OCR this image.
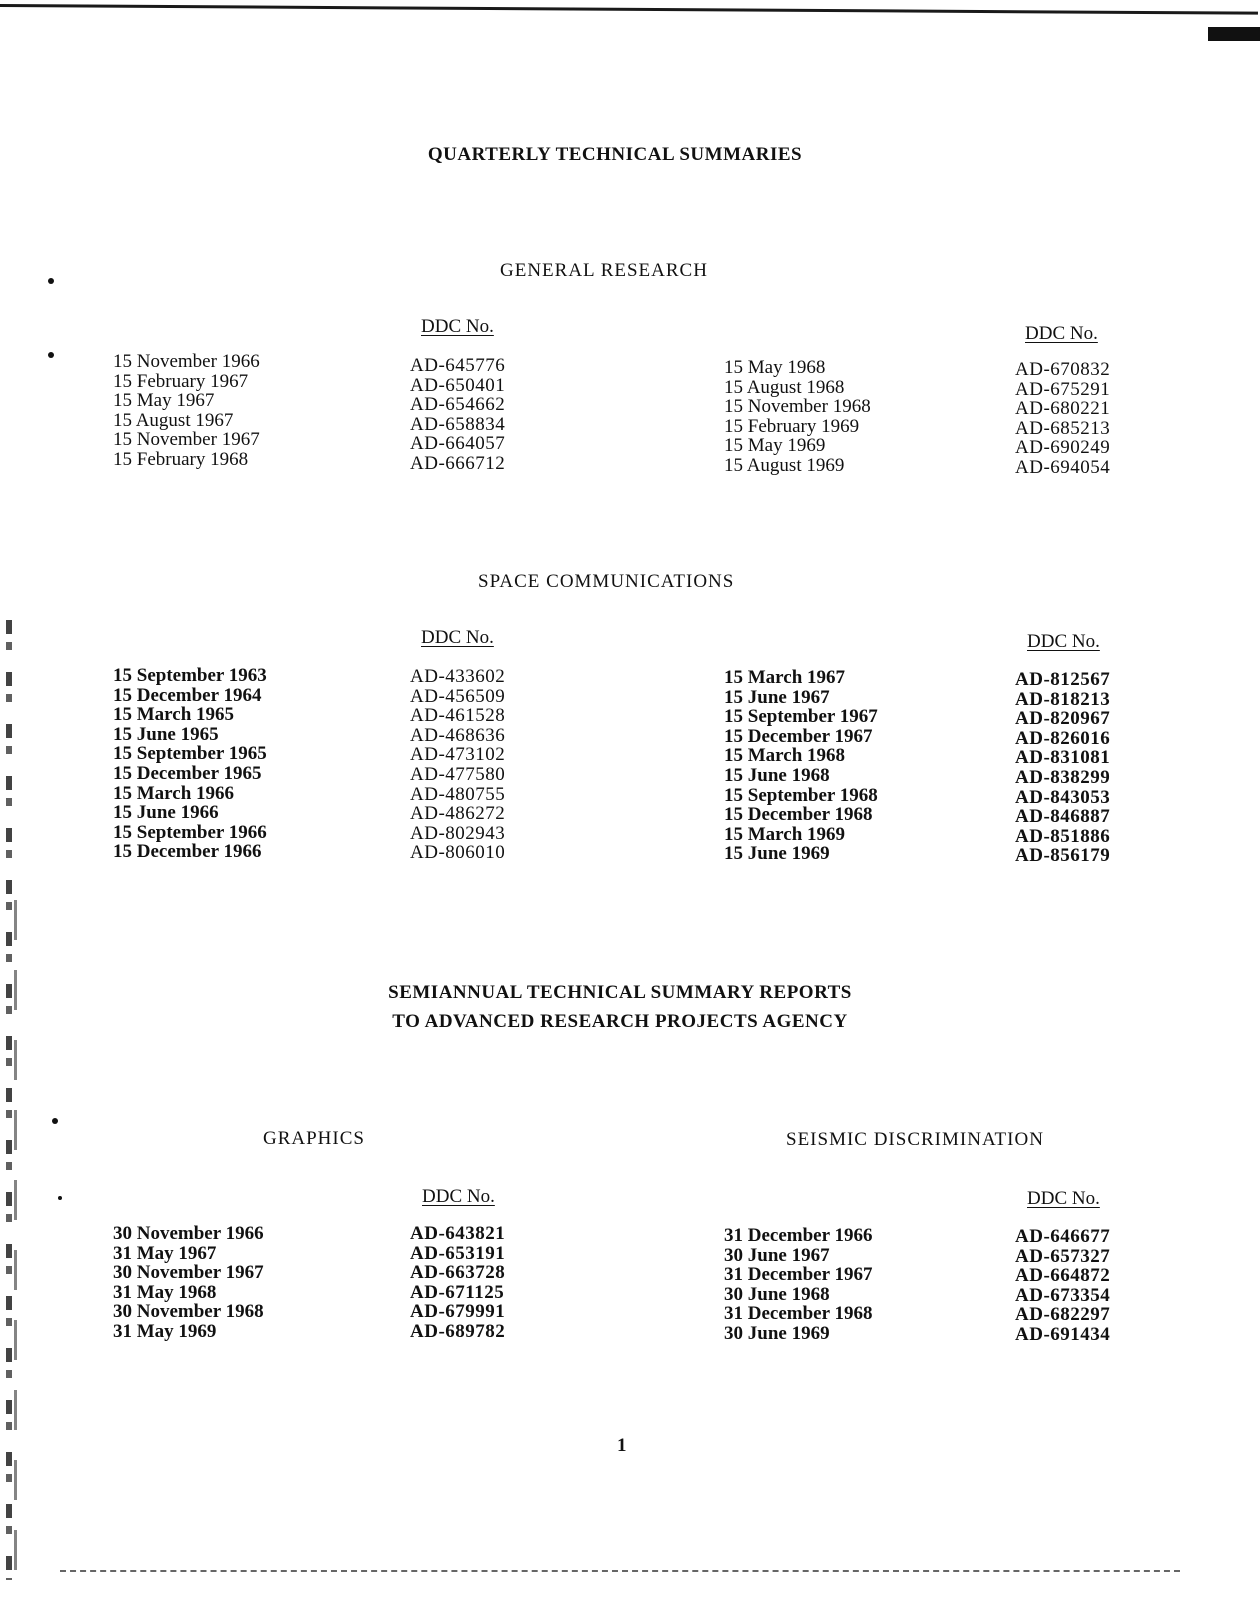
QUARTERLY TECHNICAL SUMMARIES
GENERAL RESEARCH
DDC No.	DDC No.
15 November 1966
15 February 1967
15 May 1967
15 August 1967
15 November 1967
15 February 1968
AD-645776
AD-650401
AD-654662
AD-658834
AD-664057
AD-666712
15 May 1968
15 August 1968
15 November 1968
15 February 1969
15 May 1969
15 August 1969
AD-670832
AD-675291
AD-680221
AD-685213
AD-690249
AD-694054
SPACE COMMUNICATIONS
DDC No.	DDC No.
15 September 1963
15 December 1964
15 March 1965
15 June 1965
15 September 1965
15 December 1965
15 March 1966
15 June 1966
15 September 1966
15 December 1966
AD-433602
AD-456509
AD-461528
AD-468636
AD-473102
AD-477580
AD-480755
AD-486272
AD-802943
AD-806010
15 March 1967
15 June 1967
15 September 1967
15 December 1967
15 March 1968
15 June 1968
15 September 1968
15 December 1968
15 March 1969
15 June 1969
AD-812567
AD-818213
AD-820967
AD-826016
AD-831081
AD-838299
AD-843053
AD-846887
AD-851886
AD-856179
SEMIANNUAL TECHNICAL SUMMARY REPORTS
TO ADVANCED RESEARCH PROJECTS AGENCY
GRAPHICS
DDC No.
30 November 1966
31 May 1967
30 November 1967
31 May 1968
30 November 1968
31 May 1969
AD-643821
AD-653191
AD-663728
AD-671125
AD-679991
AD-689782
SEISMIC DISCRIMINATION
DDC No.
31 December 1966
30 June 1967
31 December 1967
30 June 1968
31 December 1968
30 June 1969
AD-646677
AD-657327
AD-664872
AD-673354
AD-682297
AD-691434
1
